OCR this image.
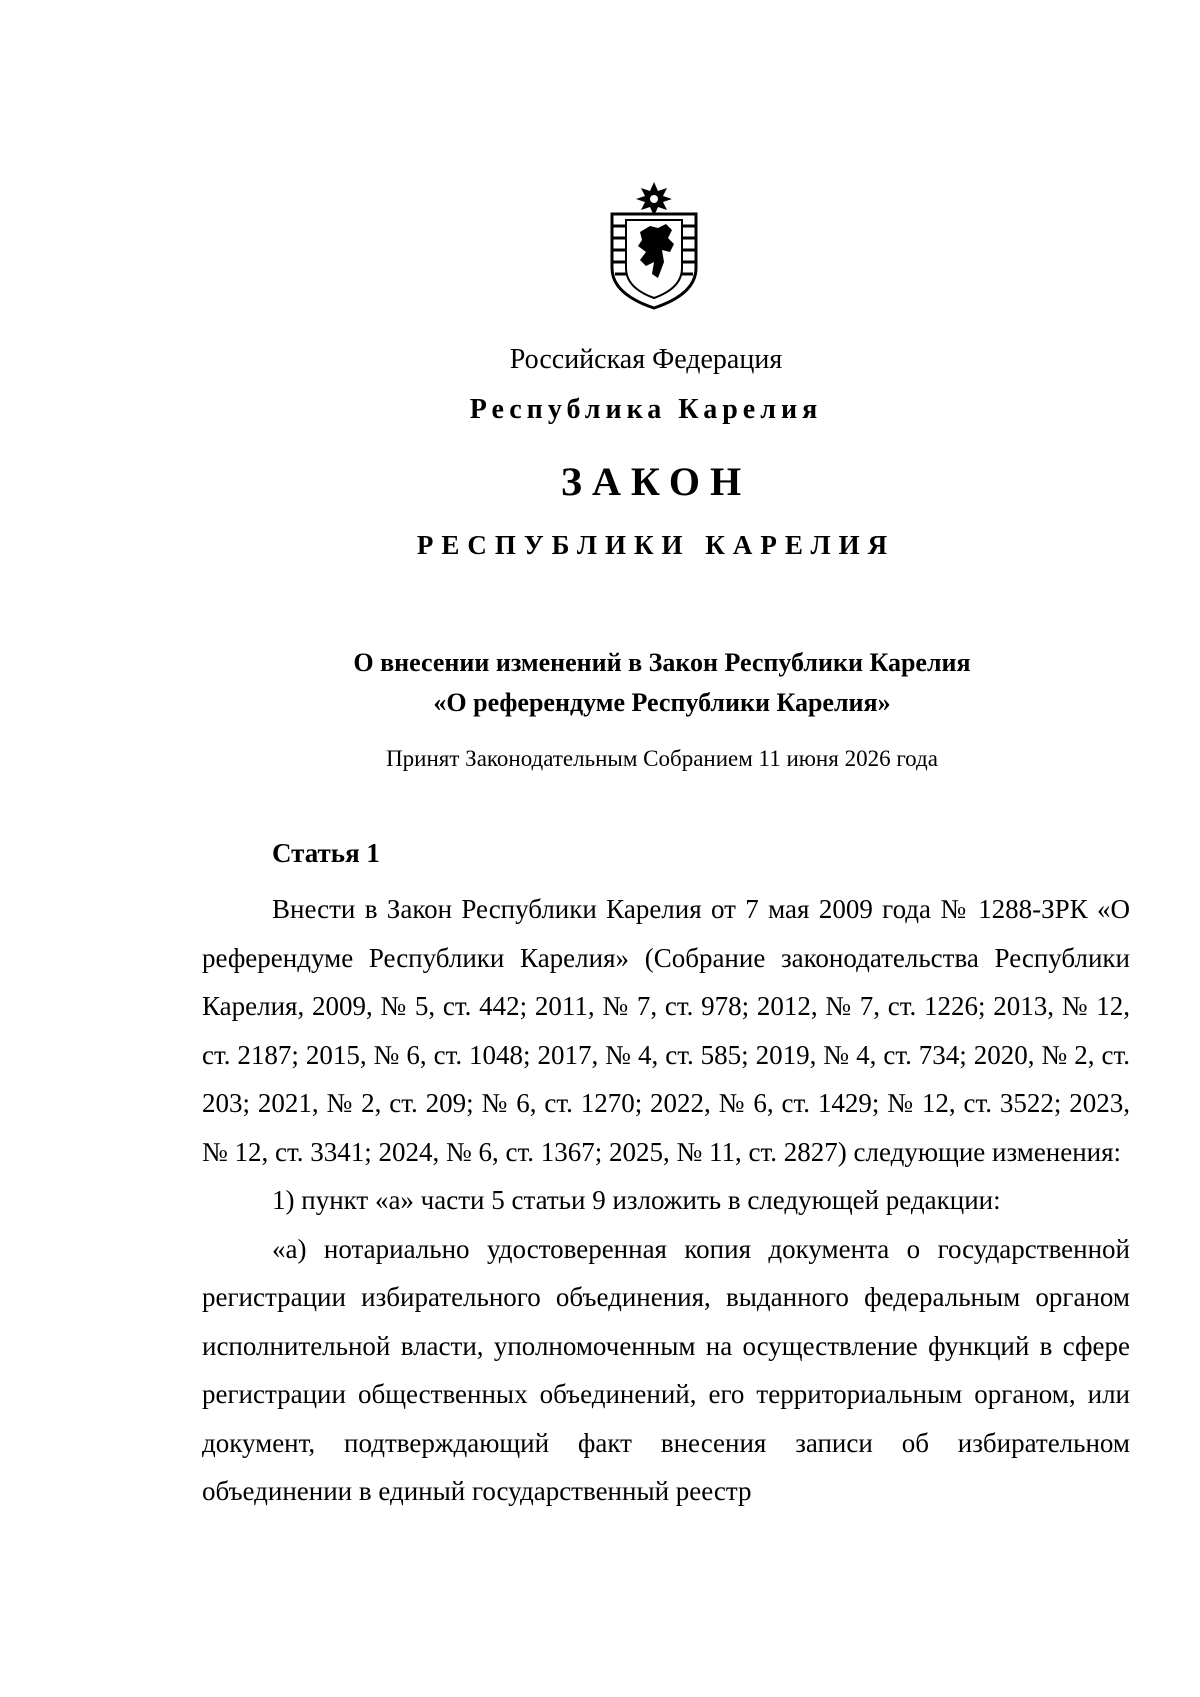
Российская Федерация
Республика Карелия
ЗАКОН
РЕСПУБЛИКИ КАРЕЛИЯ
О внесении изменений в Закон Республики Карелия
«О референдуме Республики Карелия»
Принят Законодательным Собранием 11 июня 2026 года
Статья 1

Внести в Закон Республики Карелия от 7 мая 2009 года № 1288-ЗРК «О референдуме Республики Карелия» (Собрание законодательства Республики Карелия, 2009, № 5, ст. 442; 2011, № 7, ст. 978; 2012, № 7, ст. 1226; 2013, № 12, ст. 2187; 2015, № 6, ст. 1048; 2017, № 4, ст. 585; 2019, № 4, ст. 734; 2020, № 2, ст. 203; 2021, № 2, ст. 209; № 6, ст. 1270; 2022, № 6, ст. 1429; № 12, ст. 3522; 2023, № 12, ст. 3341; 2024, № 6, ст. 1367; 2025, № 11, ст. 2827) следующие изменения:

1) пункт «а» части 5 статьи 9 изложить в следующей редакции:

«а) нотариально удостоверенная копия документа о государственной регистрации избирательного объединения, выданного федеральным органом исполнительной власти, уполномоченным на осуществление функций в сфере регистрации общественных объединений, его территориальным органом, или документ, подтверждающий факт внесения записи об избирательном объединении в единый государственный реестр
